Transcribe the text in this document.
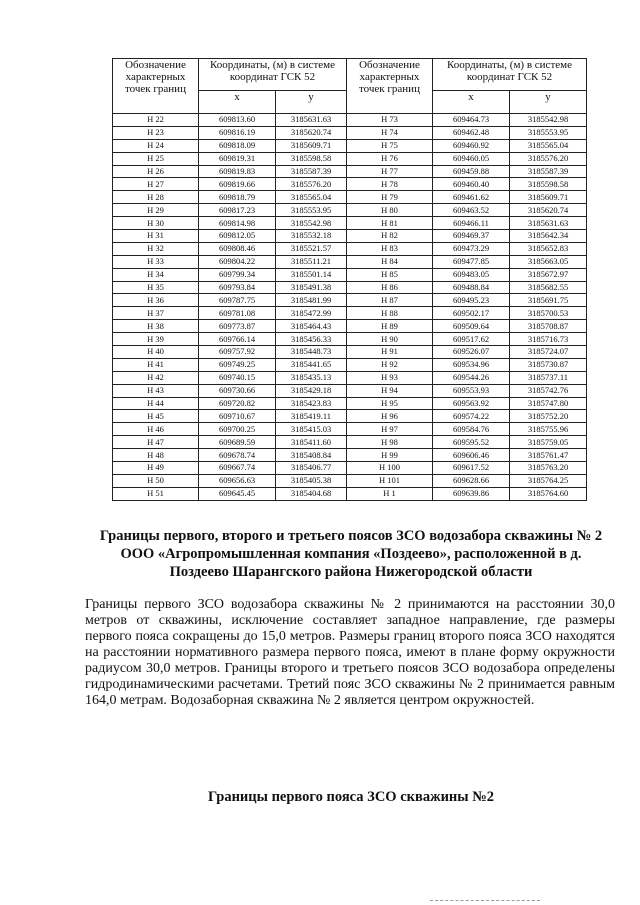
Обозначение характерных точек границ	Координаты, (м) в системе координат ГСК 52		Обозначение характерных точек границ	Координаты, (м) в системе координат ГСК 52	
	x	y		x	y
Н 22	609813.60	3185631.63	Н 73	609464.73	3185542.98
Н 23	609816.19	3185620.74	Н 74	609462.48	3185553.95
Н 24	609818.09	3185609.71	Н 75	609460.92	3185565.04
Н 25	609819.31	3185598.58	Н 76	609460.05	3185576.20
Н 26	609819.83	3185587.39	Н 77	609459.88	3185587.39
Н 27	609819.66	3185576.20	Н 78	609460.40	3185598.58
Н 28	609818.79	3185565.04	Н 79	609461.62	3185609.71
Н 29	609817.23	3185553.95	Н 80	609463.52	3185620.74
Н 30	609814.98	3185542.98	Н 81	609466.11	3185631.63
Н 31	609812.05	3185532.18	Н 82	609469.37	3185642.34
Н 32	609808.46	3185521.57	Н 83	609473.29	3185652.83
Н 33	609804.22	3185511.21	Н 84	609477.85	3185663.05
Н 34	609799.34	3185501.14	Н 85	609483.05	3185672.97
Н 35	609793.84	3185491.38	Н 86	609488.84	3185682.55
Н 36	609787.75	3185481.99	Н 87	609495.23	3185691.75
Н 37	609781.08	3185472.99	Н 88	609502.17	3185700.53
Н 38	609773.87	3185464.43	Н 89	609509.64	3185708.87
Н 39	609766.14	3185456.33	Н 90	609517.62	3185716.73
Н 40	609757.92	3185448.73	Н 91	609526.07	3185724.07
Н 41	609749.25	3185441.65	Н 92	609534.96	3185730.87
Н 42	609740.15	3185435.13	Н 93	609544.26	3185737.11
Н 43	609730.66	3185429.18	Н 94	609553.93	3185742.76
Н 44	609720.82	3185423.83	Н 95	609563.92	3185747.80
Н 45	609710.67	3185419.11	Н 96	609574.22	3185752.20
Н 46	609700.25	3185415.03	Н 97	609584.76	3185755.96
Н 47	609689.59	3185411.60	Н 98	609595.52	3185759.05
Н 48	609678.74	3185408.84	Н 99	609606.46	3185761.47
Н 49	609667.74	3185406.77	Н 100	609617.52	3185763.20
Н 50	609656.63	3185405.38	Н 101	609628.66	3185764.25
Н 51	609645.45	3185404.68	Н 1	609639.86	3185764.60
Границы первого, второго и третьего поясов ЗСО водозабора скважины № 2 ООО «Агропромышленная компания «Поздеево», расположенной в д. Поздеево Шарангского района Нижегородской области
Границы первого ЗСО водозабора скважины № 2 принимаются на расстоянии 30,0 метров от скважины, исключение составляет западное направление, где размеры первого пояса сокращены до 15,0 метров. Размеры границ второго пояса ЗСО находятся на расстоянии нормативного размера первого пояса, имеют в плане форму окружности радиусом 30,0 метров. Границы второго и третьего поясов ЗСО водозабора определены гидродинамическими расчетами. Третий пояс ЗСО скважины № 2 принимается равным 164,0 метрам. Водозаборная скважина № 2 является центром окружностей.
Границы первого пояса ЗСО скважины №2
